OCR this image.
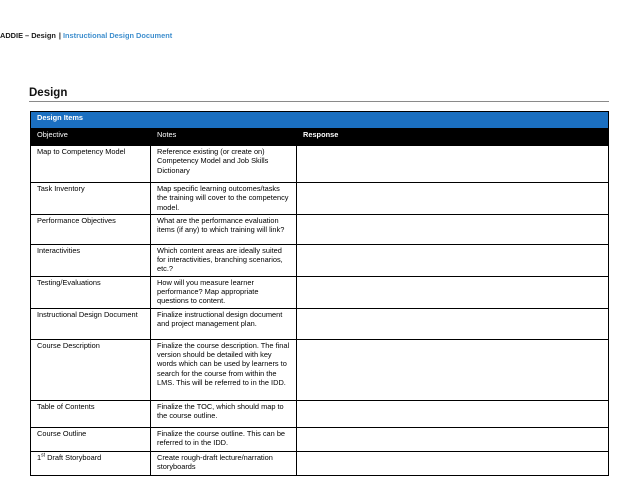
ADDIE – Design | Instructional Design Document
Design
Design Items		
Objective	Notes	Response
Map to Competency Model	Reference existing (or create on) Competency Model and Job Skills Dictionary	
Task Inventory	Map specific learning outcomes/tasks the training will cover to the competency model.	
Performance Objectives	What are the performance evaluation items (if any) to which training will link?	
Interactivities	Which content areas are ideally suited for interactivities, branching scenarios, etc.?	
Testing/Evaluations	How will you measure learner performance? Map appropriate questions to content.	
Instructional Design Document	Finalize instructional design document and project management plan.	
Course Description	Finalize the course description. The final version should be detailed with key words which can be used by learners to search for the course from within the LMS. This will be referred to in the IDD.	
Table of Contents	Finalize the TOC, which should map to the course outline.	
Course Outline	Finalize the course outline. This can be referred to in the IDD.	
1st Draft Storyboard	Create rough-draft lecture/narration storyboards	
